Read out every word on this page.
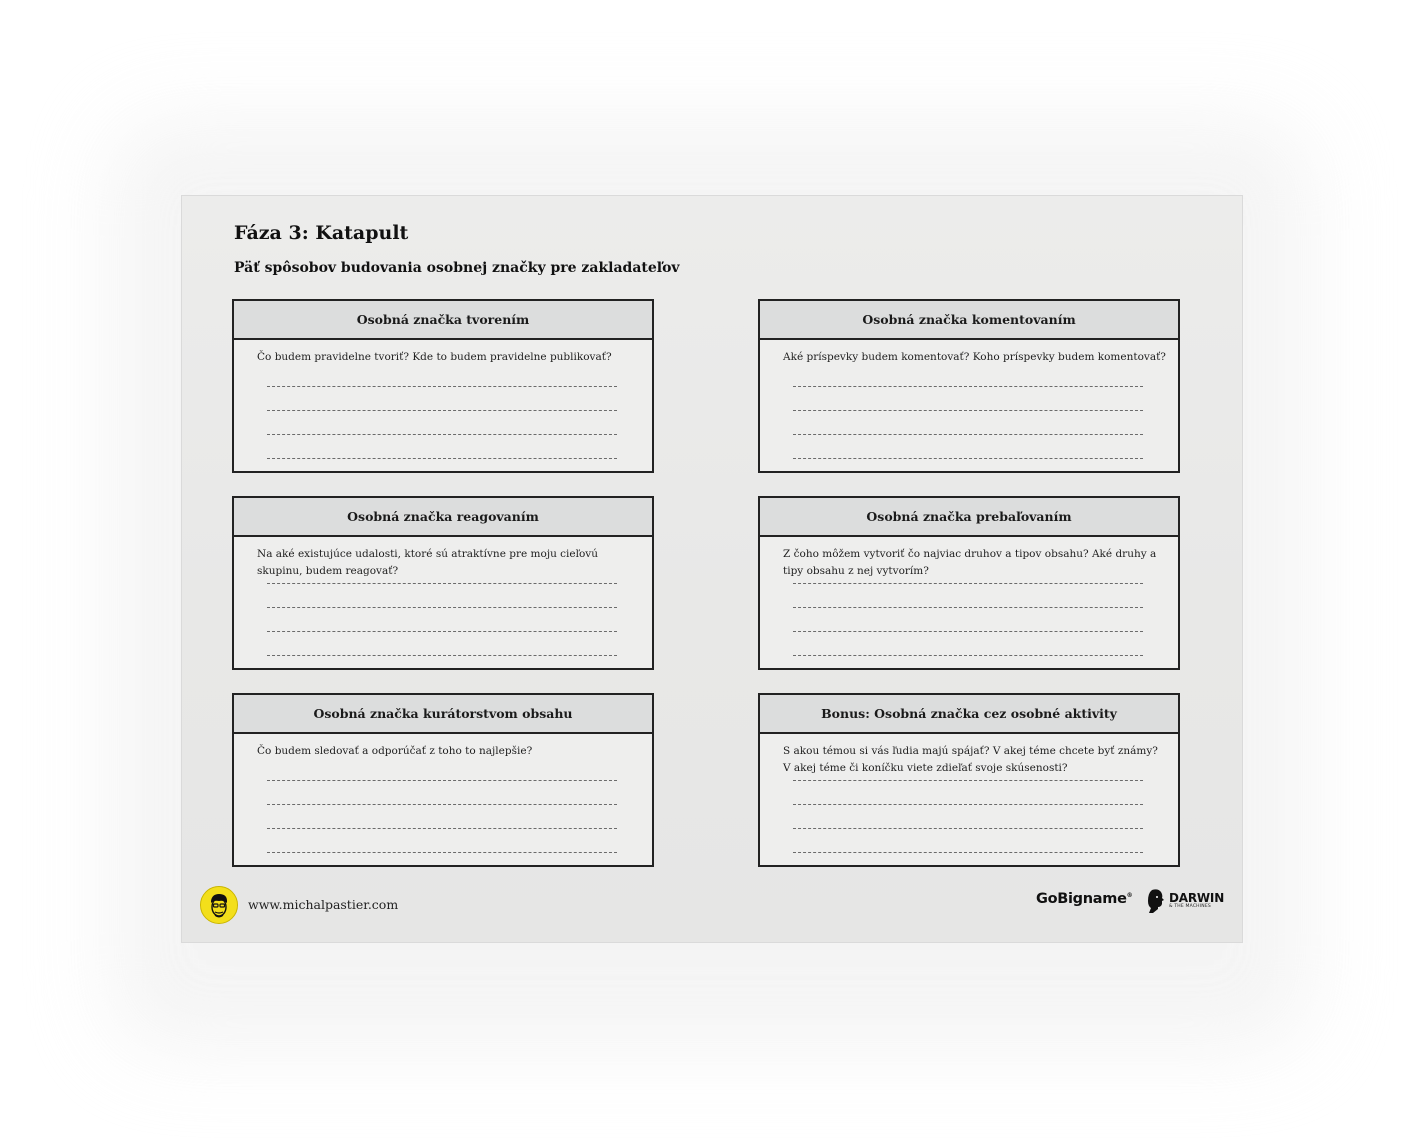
Fáza 3: Katapult
Päť spôsobov budovania osobnej značky pre zakladateľov
Osobná značka tvorením
Čo budem pravidelne tvoriť? Kde to budem pravidelne publikovať?
Osobná značka komentovaním
Aké príspevky budem komentovať? Koho príspevky budem komentovať?
Osobná značka reagovaním
Na aké existujúce udalosti, ktoré sú atraktívne pre moju cieľovú skupinu, budem reagovať?
Osobná značka prebaľovaním
Z čoho môžem vytvoriť čo najviac druhov a tipov obsahu? Aké druhy a tipy obsahu z nej vytvorím?
Osobná značka kurátorstvom obsahu
Čo budem sledovať a odporúčať z toho to najlepšie?
Bonus: Osobná značka cez osobné aktivity
S akou témou si vás ľudia majú spájať? V akej téme chcete byť známy? V akej téme či koníčku viete zdieľať svoje skúsenosti?
www.michalpastier.com	GoBigname®	DARWIN
& THE MACHINES
